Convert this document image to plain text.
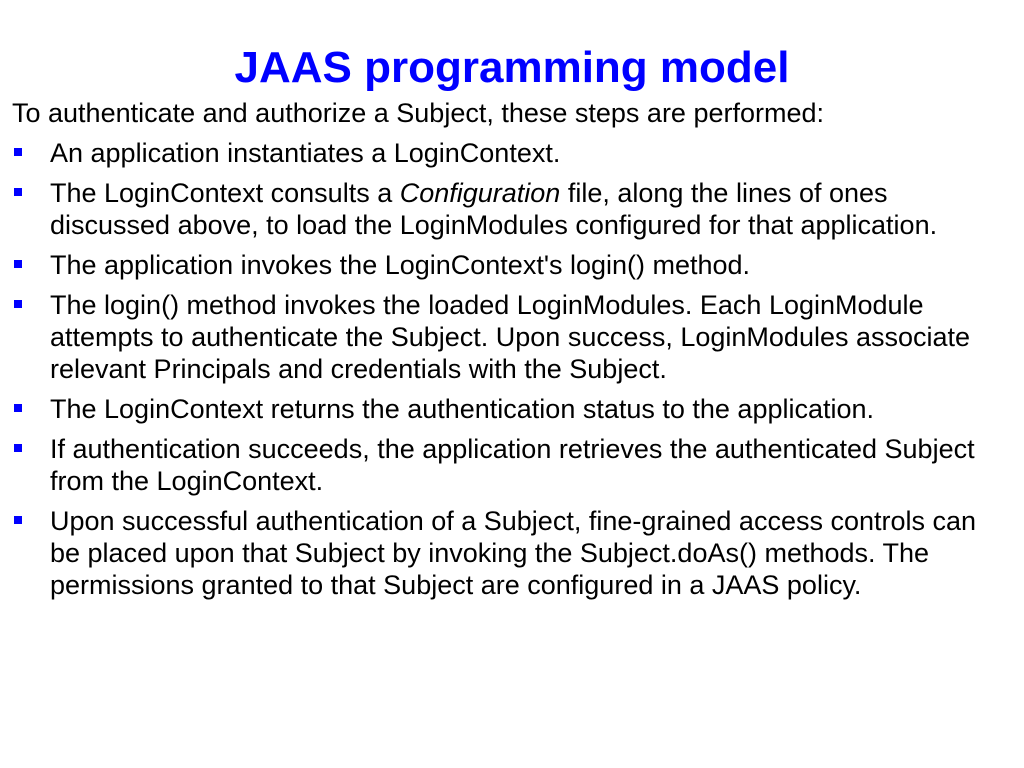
JAAS programming model

To authenticate and authorize a Subject, these steps are performed:

An application instantiates a LoginContext.
The LoginContext consults a Configuration file, along the lines of ones discussed above, to load the LoginModules configured for that application.
The application invokes the LoginContext's login() method.
The login() method invokes the loaded LoginModules. Each LoginModule attempts to authenticate the Subject. Upon success, LoginModules associate relevant Principals and credentials with the Subject.
The LoginContext returns the authentication status to the application.
If authentication succeeds, the application retrieves the authenticated Subject from the LoginContext.
Upon successful authentication of a Subject, fine-grained access controls can be placed upon that Subject by invoking the Subject.doAs() methods. The permissions granted to that Subject are configured in a JAAS policy.
